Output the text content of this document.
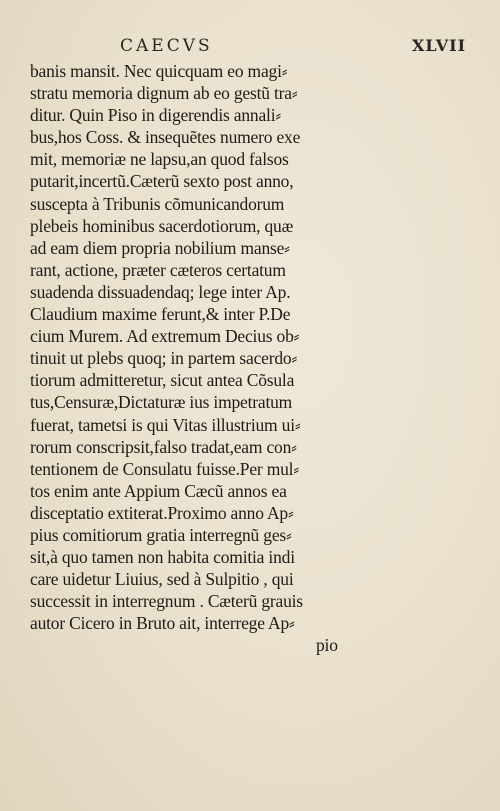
CAECVS	XLVII
banis mansit. Nec quicquam eo magi⸗
stratu memoria dignum ab eo gestũ tra⸗
ditur. Quin Piso in digerendis annali⸗
bus,hos Coss. & insequẽtes numero exe
mit, memoriæ ne lapsu,an quod falsos
putarit,incertũ.Cæterũ sexto post anno,
suscepta à Tribunis cõmunicandorum
plebeis hominibus sacerdotiorum, quæ
ad eam diem propria nobilium manse⸗
rant, actione, præter cæteros certatum
suadenda dissuadendaq; lege inter Ap.
Claudium maxime ferunt,& inter P.De
cium Murem. Ad extremum Decius ob⸗
tinuit ut plebs quoq; in partem sacerdo⸗
tiorum admitteretur, sicut antea Cõsula
tus,Censuræ,Dictaturæ ius impetratum
fuerat, tametsi is qui Vitas illustrium ui⸗
rorum conscripsit,falso tradat,eam con⸗
tentionem de Consulatu fuisse.Per mul⸗
tos enim ante Appium Cæcũ annos ea
disceptatio extiterat.Proximo anno Ap⸗
pius comitiorum gratia interregnũ ges⸗
sit,à quo tamen non habita comitia indi
care uidetur Liuius, sed à Sulpitio , qui
successit in interregnum . Cæterũ grauis
autor Cicero in Bruto ait, interrege Ap⸗
pio
